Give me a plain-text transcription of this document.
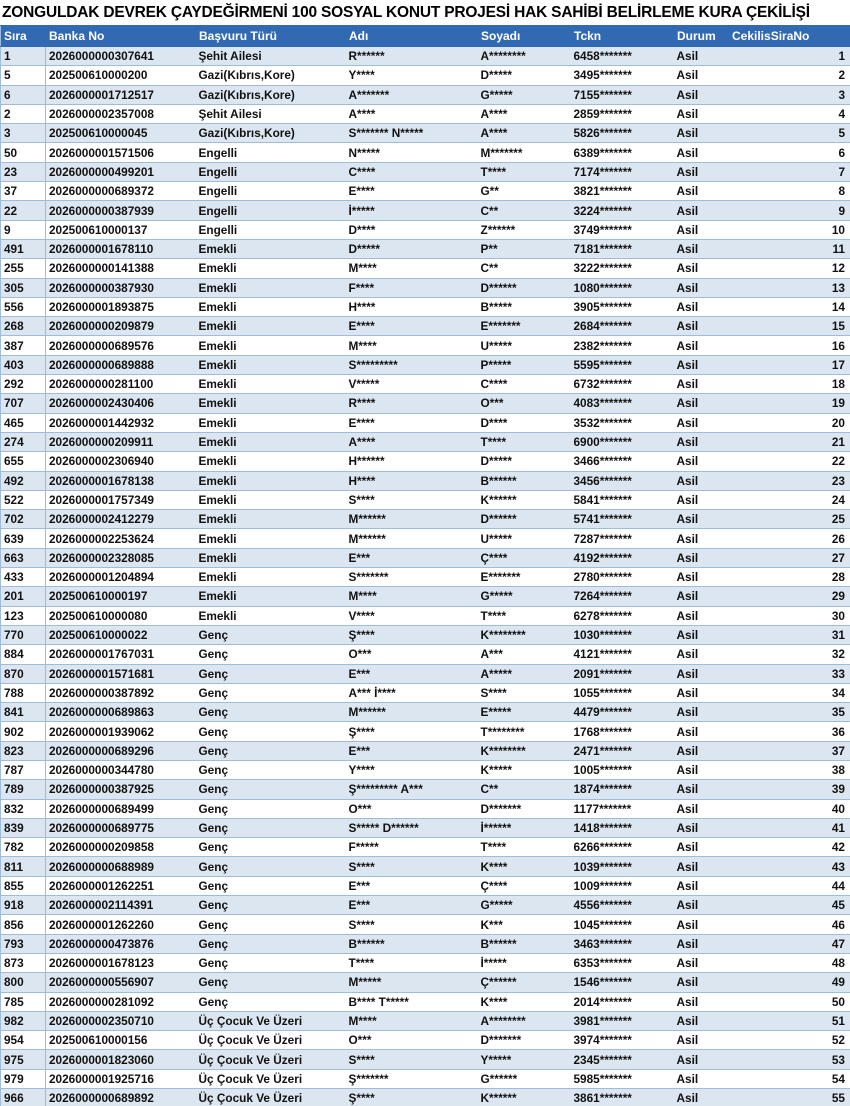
ZONGULDAK DEVREK ÇAYDEĞİRMENİ 100 SOSYAL KONUT PROJESİ HAK SAHİBİ BELİRLEME KURA ÇEKİLİŞİ
Sıra	Banka No	Başvuru Türü	Adı	Soyadı	Tckn	Durum	CekilisSiraNo
1	2026000000307641	Şehit Ailesi	R******	A********	6458*******	Asil	1
5	202500610000200	Gazi(Kıbrıs,Kore)	Y****	D*****	3495*******	Asil	2
6	2026000001712517	Gazi(Kıbrıs,Kore)	A*******	G*****	7155*******	Asil	3
2	2026000002357008	Şehit Ailesi	A****	A****	2859*******	Asil	4
3	202500610000045	Gazi(Kıbrıs,Kore)	S******* N*****	A****	5826*******	Asil	5
50	2026000001571506	Engelli	N*****	M*******	6389*******	Asil	6
23	2026000000499201	Engelli	C****	T****	7174*******	Asil	7
37	2026000000689372	Engelli	E****	G**	3821*******	Asil	8
22	2026000000387939	Engelli	İ*****	C**	3224*******	Asil	9
9	202500610000137	Engelli	D****	Z******	3749*******	Asil	10
491	2026000001678110	Emekli	D*****	P**	7181*******	Asil	11
255	2026000000141388	Emekli	M****	C**	3222*******	Asil	12
305	2026000000387930	Emekli	F****	D******	1080*******	Asil	13
556	2026000001893875	Emekli	H****	B*****	3905*******	Asil	14
268	2026000000209879	Emekli	E****	E*******	2684*******	Asil	15
387	2026000000689576	Emekli	M****	U*****	2382*******	Asil	16
403	2026000000689888	Emekli	S*********	P*****	5595*******	Asil	17
292	2026000000281100	Emekli	V*****	C****	6732*******	Asil	18
707	2026000002430406	Emekli	R****	O***	4083*******	Asil	19
465	2026000001442932	Emekli	E****	D****	3532*******	Asil	20
274	2026000000209911	Emekli	A****	T****	6900*******	Asil	21
655	2026000002306940	Emekli	H******	D*****	3466*******	Asil	22
492	2026000001678138	Emekli	H****	B******	3456*******	Asil	23
522	2026000001757349	Emekli	S****	K******	5841*******	Asil	24
702	2026000002412279	Emekli	M******	D******	5741*******	Asil	25
639	2026000002253624	Emekli	M******	U*****	7287*******	Asil	26
663	2026000002328085	Emekli	E***	Ç****	4192*******	Asil	27
433	2026000001204894	Emekli	S*******	E*******	2780*******	Asil	28
201	202500610000197	Emekli	M****	G*****	7264*******	Asil	29
123	202500610000080	Emekli	V****	T****	6278*******	Asil	30
770	202500610000022	Genç	Ş****	K********	1030*******	Asil	31
884	2026000001767031	Genç	O***	A***	4121*******	Asil	32
870	2026000001571681	Genç	E***	A*****	2091*******	Asil	33
788	2026000000387892	Genç	A*** İ****	S****	1055*******	Asil	34
841	2026000000689863	Genç	M******	E*****	4479*******	Asil	35
902	2026000001939062	Genç	Ş****	T********	1768*******	Asil	36
823	2026000000689296	Genç	E***	K********	2471*******	Asil	37
787	2026000000344780	Genç	Y****	K*****	1005*******	Asil	38
789	2026000000387925	Genç	Ş********* A***	C**	1874*******	Asil	39
832	2026000000689499	Genç	O***	D*******	1177*******	Asil	40
839	2026000000689775	Genç	S***** D******	İ******	1418*******	Asil	41
782	2026000000209858	Genç	F*****	T****	6266*******	Asil	42
811	2026000000688989	Genç	S****	K****	1039*******	Asil	43
855	2026000001262251	Genç	E***	Ç****	1009*******	Asil	44
918	2026000002114391	Genç	E***	G*****	4556*******	Asil	45
856	2026000001262260	Genç	S****	K***	1045*******	Asil	46
793	2026000000473876	Genç	B******	B******	3463*******	Asil	47
873	2026000001678123	Genç	T****	İ*****	6353*******	Asil	48
800	2026000000556907	Genç	M*****	Ç******	1546*******	Asil	49
785	2026000000281092	Genç	B**** T*****	K****	2014*******	Asil	50
982	2026000002350710	Üç Çocuk Ve Üzeri	M****	A********	3981*******	Asil	51
954	202500610000156	Üç Çocuk Ve Üzeri	O***	D*******	3974*******	Asil	52
975	2026000001823060	Üç Çocuk Ve Üzeri	S****	Y*****	2345*******	Asil	53
979	2026000001925716	Üç Çocuk Ve Üzeri	Ş*******	G******	5985*******	Asil	54
966	2026000000689892	Üç Çocuk Ve Üzeri	Ş****	K******	3861*******	Asil	55
